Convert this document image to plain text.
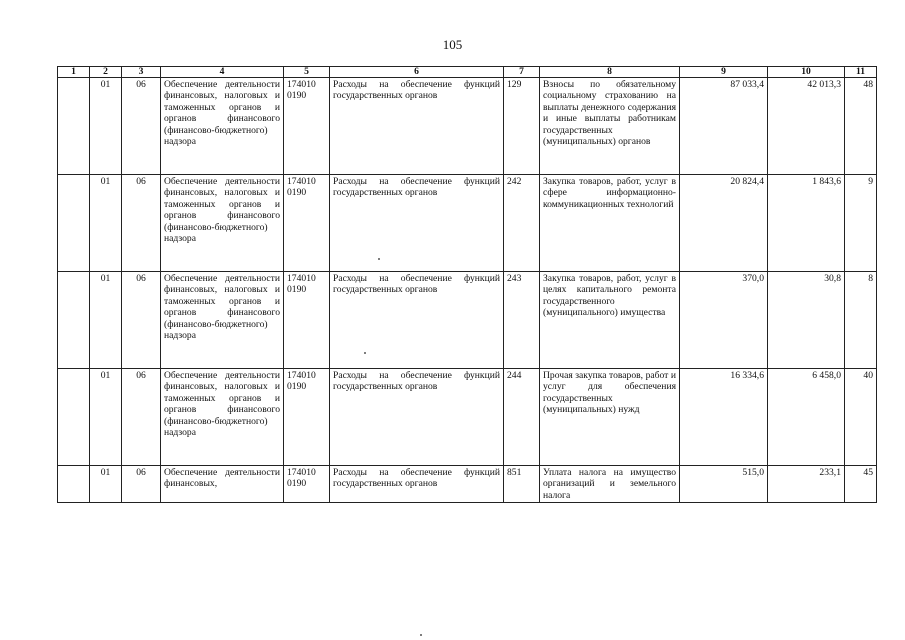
105
1	2	3	4	5	6	7	8	9	10	11
	01	06	Обеспечение деятельности финансовых, налоговых и таможенных органов и органов финансового (финансово-бюджетного) надзора	174010 0190	Расходы на обеспечение функций государственных органов	129	Взносы по обязательному социальному страхованию на выплаты денежного содержания и иные выплаты работникам государственных (муниципальных) органов	87 033,4	42 013,3	48
	01	06	Обеспечение деятельности финансовых, налоговых и таможенных органов и органов финансового (финансово-бюджетного) надзора	174010 0190	Расходы на обеспечение функций государственных органов	242	Закупка товаров, работ, услуг в сфере информационно-коммуникационных технологий	20 824,4	1 843,6	9
	01	06	Обеспечение деятельности финансовых, налоговых и таможенных органов и органов финансового (финансово-бюджетного) надзора	174010 0190	Расходы на обеспечение функций государственных органов	243	Закупка товаров, работ, услуг в целях капитального ремонта государственного (муниципального) имущества	370,0	30,8	8
	01	06	Обеспечение деятельности финансовых, налоговых и таможенных органов и органов финансового (финансово-бюджетного) надзора	174010 0190	Расходы на обеспечение функций государственных органов	244	Прочая закупка товаров, работ и услуг для обеспечения государственных (муниципальных) нужд	16 334,6	6 458,0	40
	01	06	Обеспечение деятельности финансовых,	174010 0190	Расходы на обеспечение функций государственных органов	851	Уплата налога на имущество организаций и земельного налога	515,0	233,1	45
